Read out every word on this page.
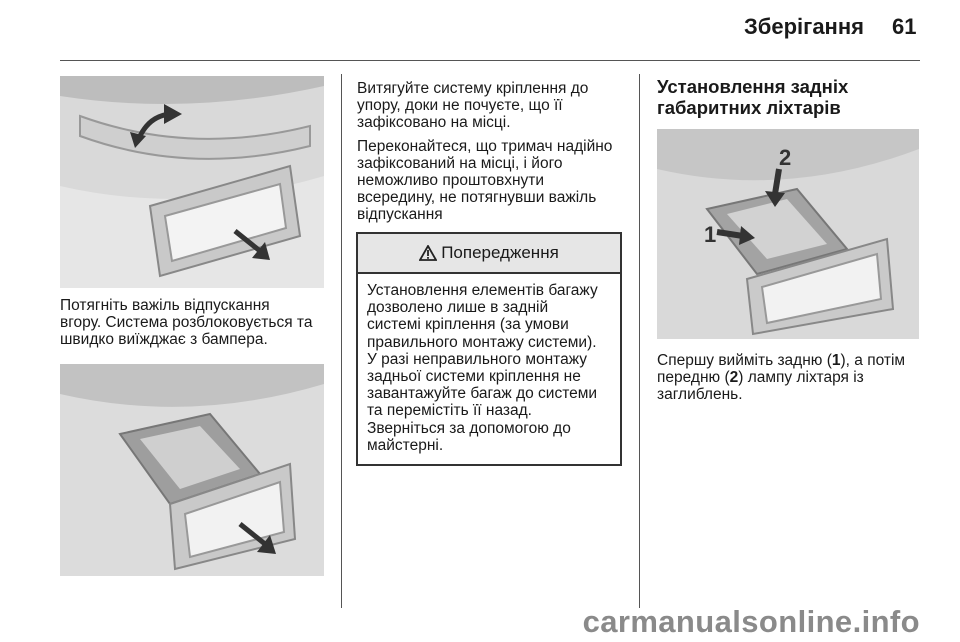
Зберігання 61

Потягніть важіль відпускання
вгору. Система розблоковується та
швидко виїжджає з бампера.

Витягуйте систему кріплення до
упору, доки не почуєте, що її
зафіксовано на місці.

Переконайтеся, що тримач надійно
зафіксований на місці, і його
неможливо проштовхнути
всередину, не потягнувши важіль
відпускання

Попередження
Установлення елементів багажу
дозволено лише в задній
системі кріплення (за умови
правильного монтажу системи).
У разі неправильного монтажу
задньої системи кріплення не
завантажуйте багаж до системи
та перемістіть її назад.
Зверніться за допомогою до
майстерні.

Установлення задніх
габаритних ліхтарів

2
1

Спершу вийміть задню (1), а потім
передню (2) лампу ліхтаря із
заглиблень.

carmanualsonline.info
